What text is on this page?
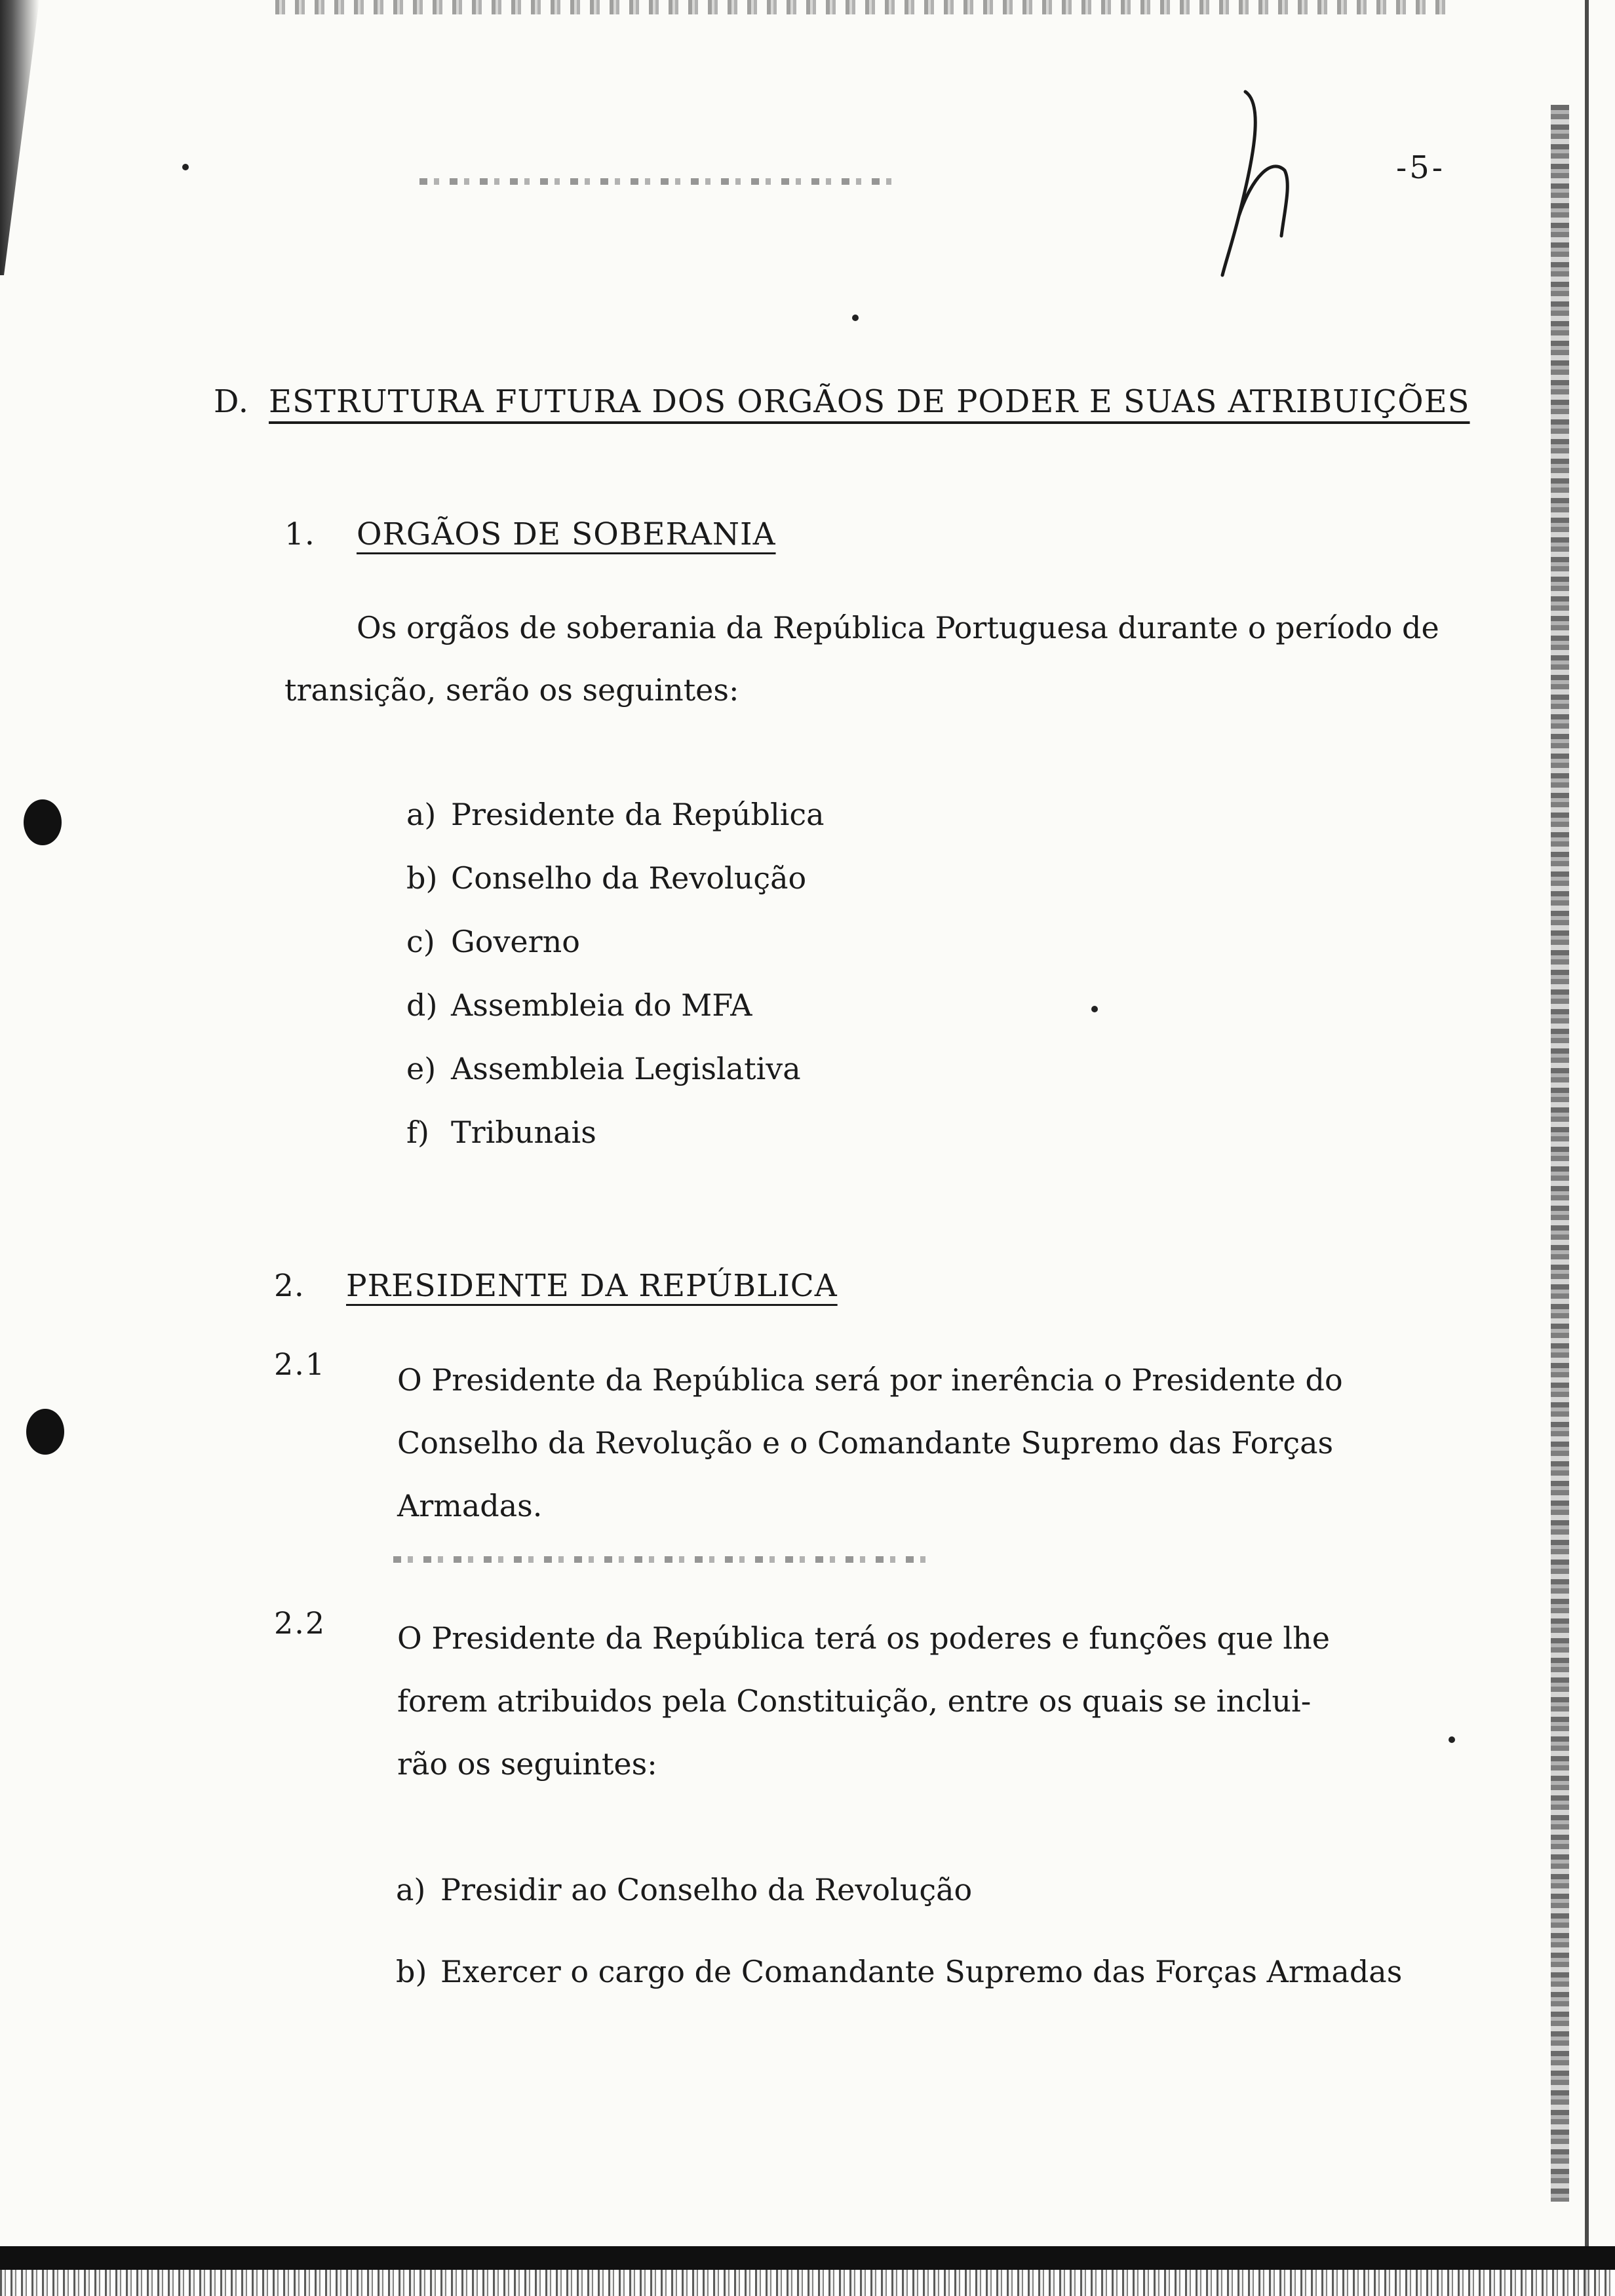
-5-
D. ESTRUTURA FUTURA DOS ORGÃOS DE PODER E SUAS ATRIBUIÇÕES
1. ORGÃOS DE SOBERANIA
Os orgãos de soberania da República Portuguesa durante o período de
transição, serão os seguintes:
a) Presidente da República
b) Conselho da Revolução
c) Governo
d) Assembleia do MFA
e) Assembleia Legislativa
f) Tribunais
2. PRESIDENTE DA REPÚBLICA
2.1 O Presidente da República será por inerência o Presidente do
Conselho da Revolução e o Comandante Supremo das Forças
Armadas.
2.2 O Presidente da República terá os poderes e funções que lhe
forem atribuidos pela Constituição, entre os quais se inclui-
rão os seguintes:
a) Presidir ao Conselho da Revolução
b) Exercer o cargo de Comandante Supremo das Forças Armadas
